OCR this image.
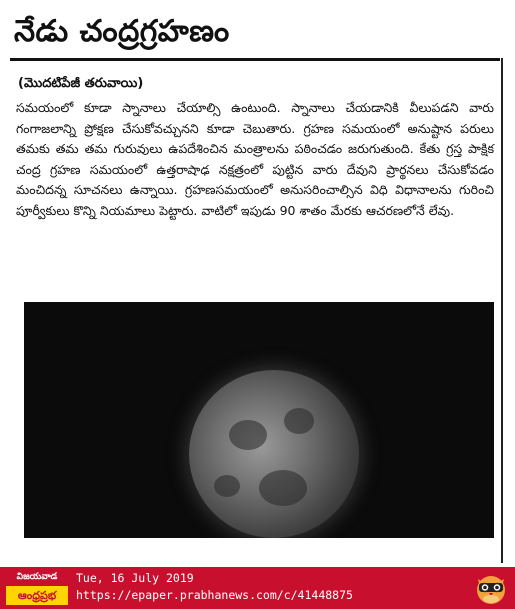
నేడు చంద్రగ్రహణం
(మొదటిపేజీ తరువాయి)

సమయంలో కూడా స్నానాలు చేయాల్సి ఉంటుంది. స్నానాలు చేయడానికి వీలుపడని వారు గంగాజలాన్ని ప్రోక్షణ చేసుకోవచ్చునని కూడా చెబుతారు. గ్రహణ సమయంలో అనుష్టాన పరులు తమకు తమ తమ గురువులు ఉపదేశించిన మంత్రాలను పఠించడం జరుగుతుంది. కేతు గ్రస్త పాక్షిక చంద్ర గ్రహణ సమయంలో ఉత్తరాషాఢ నక్షత్రంలో పుట్టిన వారు దేవుని ప్రార్థనలు చేసుకోవడం మంచిదన్న సూచనలు ఉన్నాయి. గ్రహణసమయంలో అనుసరించాల్సిన విధి విధానాలను గురించి పూర్వీకులు కొన్ని నియమాలు పెట్టారు. వాటిలో ఇపుడు 90 శాతం మేరకు ఆచరణలోనే లేవు.

విజయవాడ
ఆంధ్రప్రభ
Tue, 16 July 2019
https://epaper.prabhanews.com/c/41448875
